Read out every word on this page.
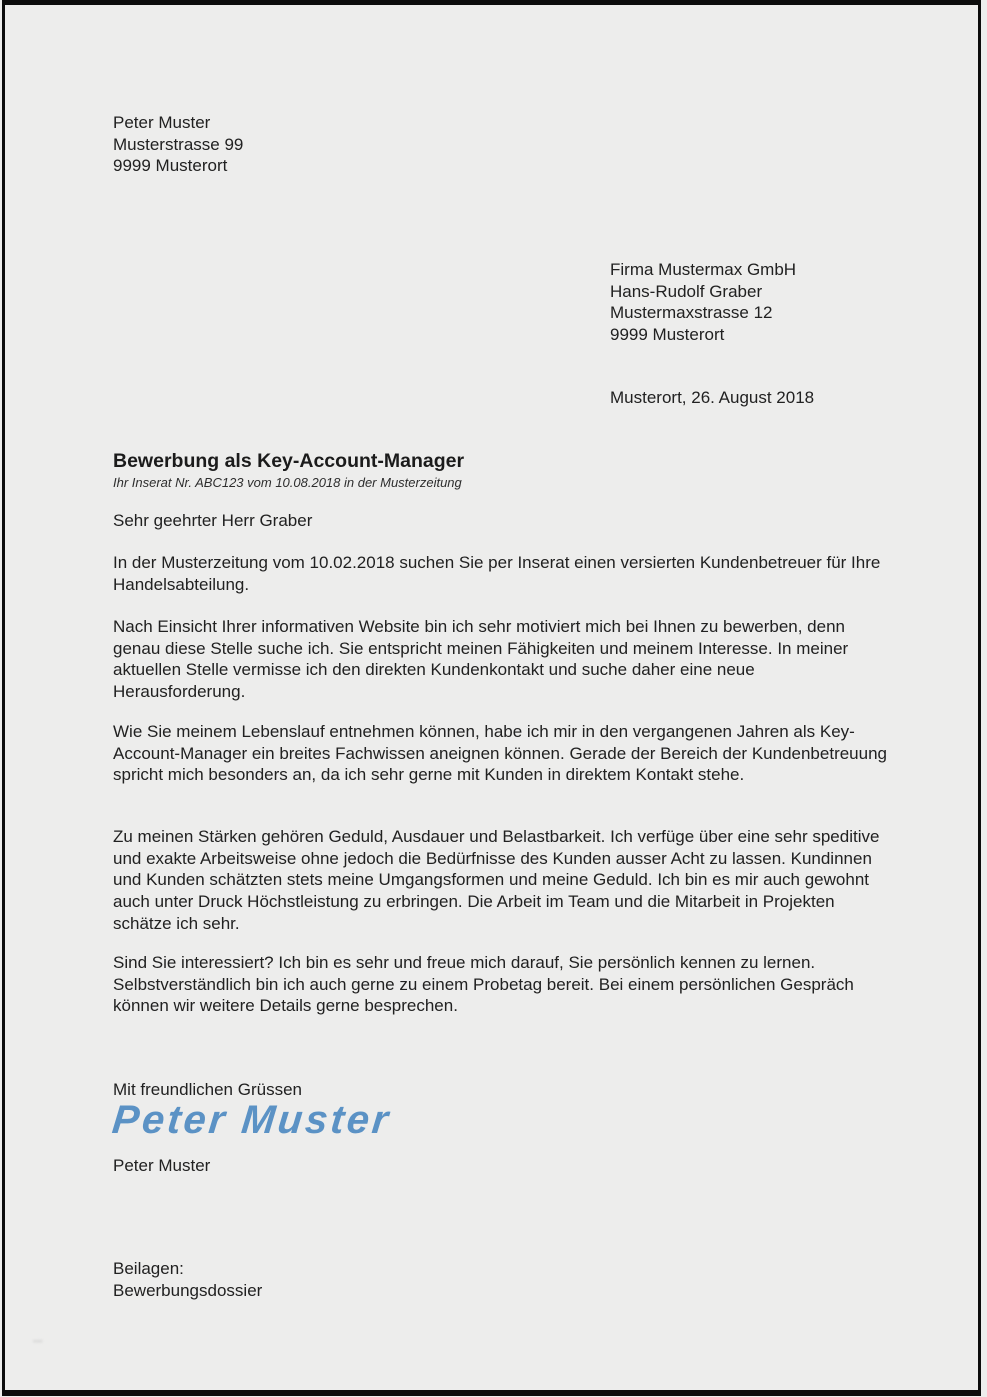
Peter Muster
Musterstrasse 99
9999 Musterort
Firma Mustermax GmbH
Hans-Rudolf Graber
Mustermaxstrasse 12
9999 Musterort
Musterort, 26. August 2018
Bewerbung als Key-Account-Manager
Ihr Inserat Nr. ABC123 vom 10.08.2018 in der Musterzeitung
Sehr geehrter Herr Graber
In der Musterzeitung vom 10.02.2018 suchen Sie per Inserat einen versierten Kundenbetreuer für Ihre Handelsabteilung.
Nach Einsicht Ihrer informativen Website bin ich sehr motiviert mich bei Ihnen zu bewerben, denn genau diese Stelle suche ich. Sie entspricht meinen Fähigkeiten und meinem Interesse. In meiner aktuellen Stelle vermisse ich den direkten Kundenkontakt und suche daher eine neue Herausforderung.
Wie Sie meinem Lebenslauf entnehmen können, habe ich mir in den vergangenen Jahren als Key-Account-Manager ein breites Fachwissen aneignen können. Gerade der Bereich der Kundenbetreuung spricht mich besonders an, da ich sehr gerne mit Kunden in direktem Kontakt stehe.
Zu meinen Stärken gehören Geduld, Ausdauer und Belastbarkeit. Ich verfüge über eine sehr speditive und exakte Arbeitsweise ohne jedoch die Bedürfnisse des Kunden ausser Acht zu lassen. Kundinnen und Kunden schätzten stets meine Umgangsformen und meine Geduld. Ich bin es mir auch gewohnt auch unter Druck Höchstleistung zu erbringen. Die Arbeit im Team und die Mitarbeit in Projekten schätze ich sehr.
Sind Sie interessiert? Ich bin es sehr und freue mich darauf, Sie persönlich kennen zu lernen. Selbstverständlich bin ich auch gerne zu einem Probetag bereit. Bei einem persönlichen Gespräch können wir weitere Details gerne besprechen.
Mit freundlichen Grüssen
Peter Muster
Peter Muster
Beilagen:
Bewerbungsdossier
▪▪▪
